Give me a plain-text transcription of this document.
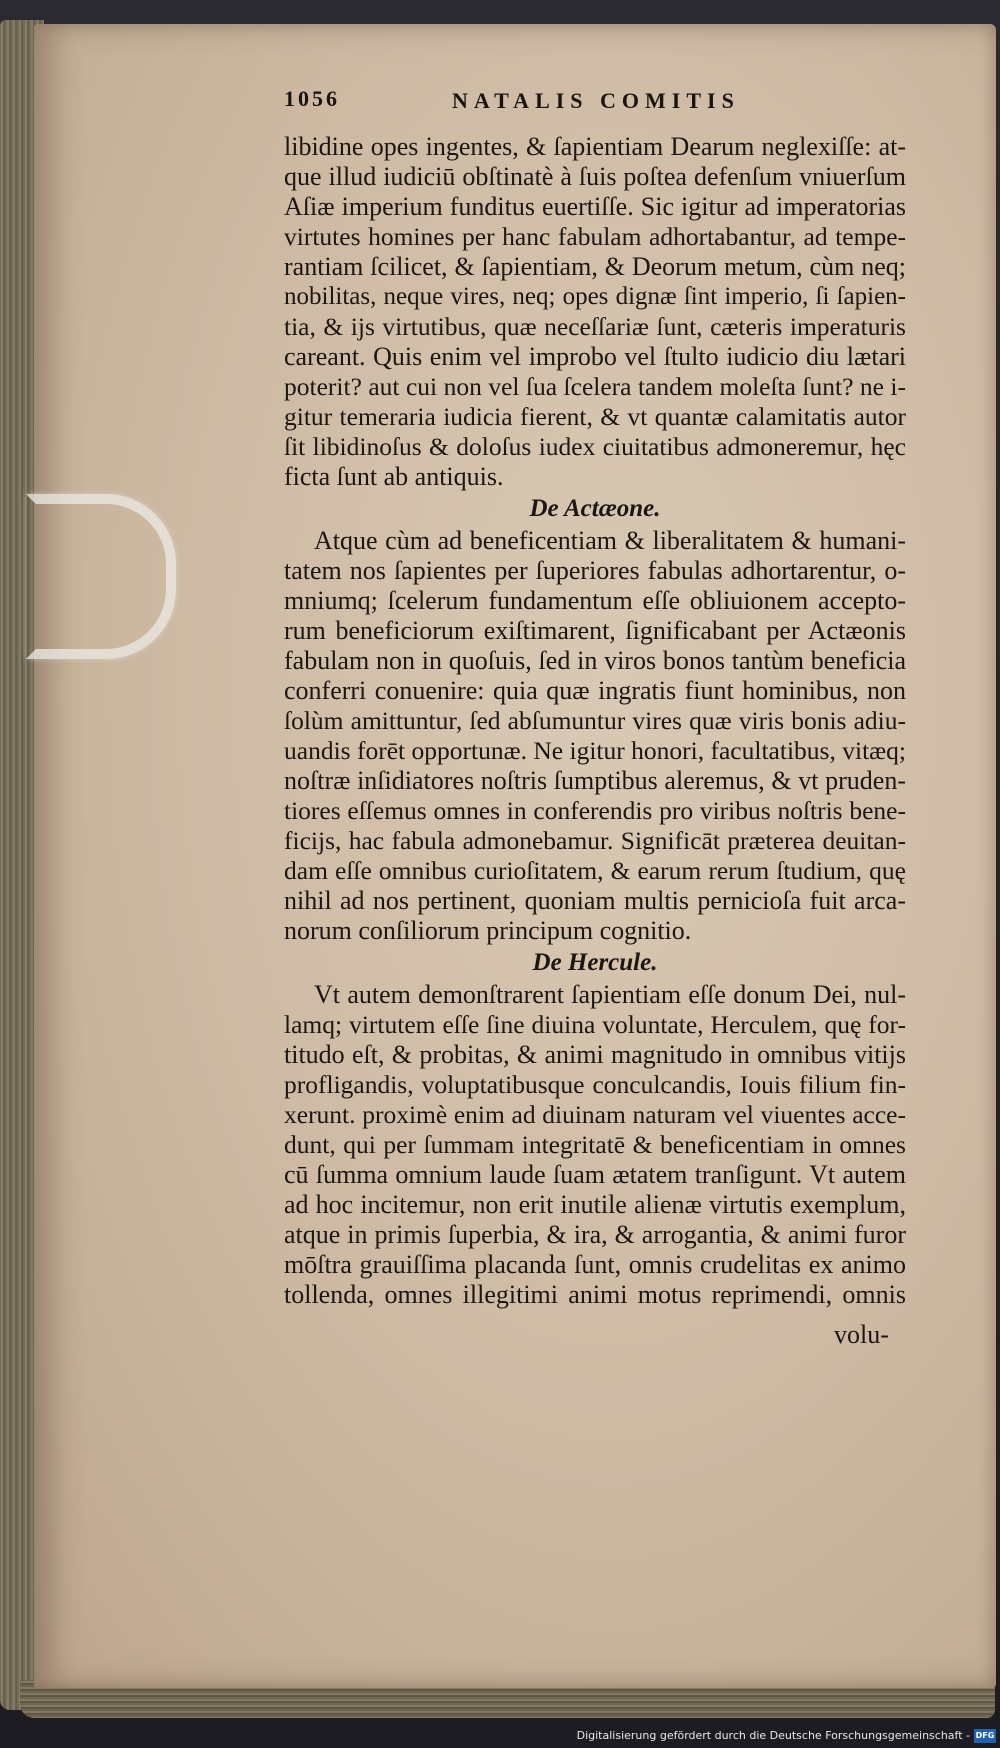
1056	NATALIS COMITIS
libidine opes ingentes, & ſapientiam Dearum neglexiſſe: at-
que illud iudiciū obſtinatè à ſuis poſtea defenſum vniuerſum
Aſiæ imperium funditus euertiſſe. Sic igitur ad imperatorias
virtutes homines per hanc fabulam adhortabantur, ad tempe-
rantiam ſcilicet, & ſapientiam, & Deorum metum, cùm neq;
nobilitas, neque vires, neq; opes dignæ ſint imperio, ſi ſapien-
tia, & ijs virtutibus, quæ neceſſariæ ſunt, cæteris imperaturis
careant. Quis enim vel improbo vel ſtulto iudicio diu lætari
poterit? aut cui non vel ſua ſcelera tandem moleſta ſunt? ne i-
gitur temeraria iudicia fierent, & vt quantæ calamitatis autor
ſit libidinoſus & doloſus iudex ciuitatibus admoneremur, hęc
ficta ſunt ab antiquis.
De Actæone.
Atque cùm ad beneficentiam & liberalitatem & humani-
tatem nos ſapientes per ſuperiores fabulas adhortarentur, o-
mniumq; ſcelerum fundamentum eſſe obliuionem accepto-
rum beneficiorum exiſtimarent, ſignificabant per Actæonis
fabulam non in quoſuis, ſed in viros bonos tantùm beneficia
conferri conuenire: quia quæ ingratis fiunt hominibus, non
ſolùm amittuntur, ſed abſumuntur vires quæ viris bonis adiu-
uandis forēt opportunæ. Ne igitur honori, facultatibus, vitæq;
noſtræ inſidiatores noſtris ſumptibus aleremus, & vt pruden-
tiores eſſemus omnes in conferendis pro viribus noſtris bene-
ficijs, hac fabula admonebamur. Significāt præterea deuitan-
dam eſſe omnibus curioſitatem, & earum rerum ſtudium, quę
nihil ad nos pertinent, quoniam multis pernicioſa fuit arca-
norum conſiliorum principum cognitio.
De Hercule.
Vt autem demonſtrarent ſapientiam eſſe donum Dei, nul-
lamq; virtutem eſſe ſine diuina voluntate, Herculem, quę for-
titudo eſt, & probitas, & animi magnitudo in omnibus vitijs
profligandis, voluptatibusque conculcandis, Iouis filium fin-
xerunt. proximè enim ad diuinam naturam vel viuentes acce-
dunt, qui per ſummam integritatē & beneficentiam in omnes
cū ſumma omnium laude ſuam ætatem tranſigunt. Vt autem
ad hoc incitemur, non erit inutile alienæ virtutis exemplum,
atque in primis ſuperbia, & ira, & arrogantia, & animi furor
mōſtra grauiſſima placanda ſunt, omnis crudelitas ex animo
tollenda, omnes illegitimi animi motus reprimendi, omnis
volu-
Digitalisierung gefördert durch die Deutsche Forschungsgemeinschaft - DFG
